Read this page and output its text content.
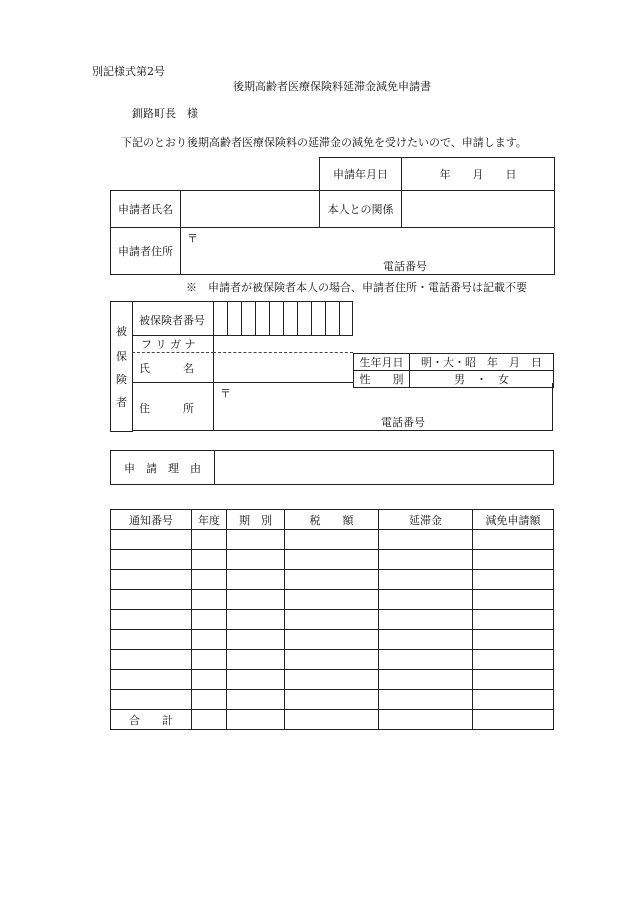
別記様式第2号
後期高齢者医療保険料延滞金減免申請書
釧路町長　様
下記のとおり後期高齢者医療保険料の延滞金の減免を受けたいので、申請します。
申請年月日	年　　月　　日
申請者氏名		本人との関係	
申請者住所	〒
電話番号		
※　申請者が被保険者本人の場合、申請者住所・電話番号は記載不要
被
保
険
者
被保険者番号
フ リ ガ ナ
氏　　　名	生年月日	明・大・昭　年　月　日
性　　別	男　・　女
住　　　所
〒
電話番号
申　請　理　由	
通知番号	年度	期　別	税　　額	延滞金	減免申請額

合　　計					
